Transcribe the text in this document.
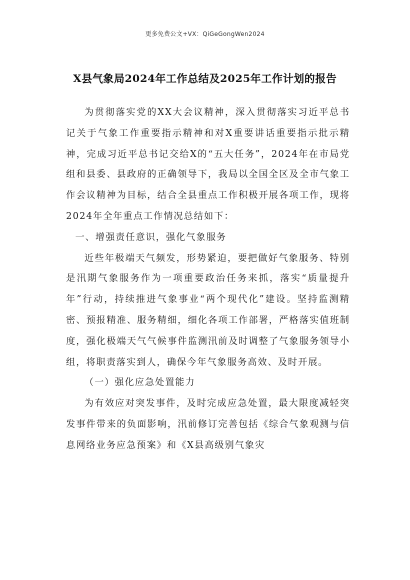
更多免费公文+VX：QiGeGongWen2024
X县气象局2024年工作总结及2025年工作计划的报告

为贯彻落实党的XX大会议精神，深入贯彻落实习近平总书记关于气象工作重要指示精神和对X重要讲话重要指示批示精神，完成习近平总书记交给X的“五大任务”，2024年在市局党组和县委、县政府的正确领导下，我局以全国全区及全市气象工作会议精神为目标，结合全县重点工作积极开展各项工作，现将2024年全年重点工作情况总结如下：

一、增强责任意识，强化气象服务

近些年极端天气频发，形势紧迫，要把做好气象服务、特别是汛期气象服务作为一项重要政治任务来抓，落实“质量提升年”行动，持续推进气象事业“两个现代化”建设。坚持监测精密、预报精准、服务精细，细化各项工作部署，严格落实值班制度，强化极端天气气候事件监测汛前及时调整了气象服务领导小组，将职责落实到人，确保今年气象服务高效、及时开展。

（一）强化应急处置能力

为有效应对突发事件，及时完成应急处置，最大限度减轻突发事件带来的负面影响，汛前修订完善包括《综合气象观测与信息网络业务应急预案》和《X县高级别气象灾
